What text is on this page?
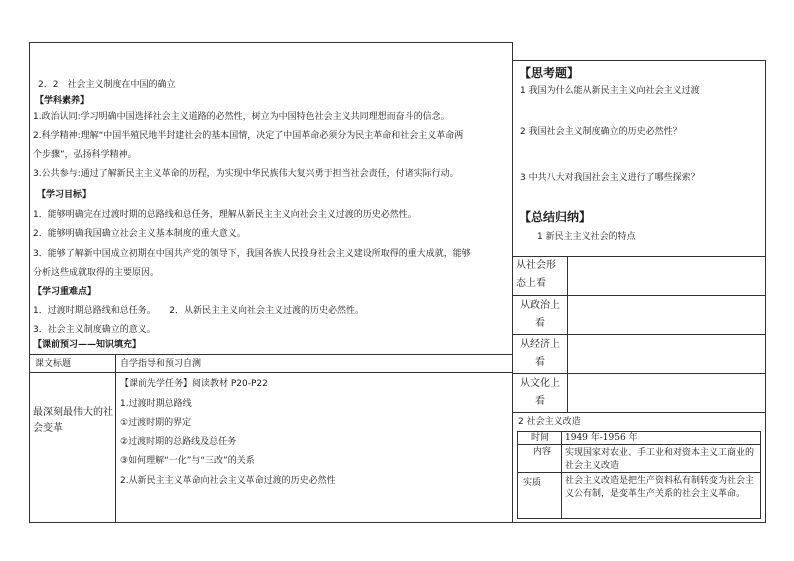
2．2　社会主义制度在中国的确立
【学科素养】
1.政治认同:学习明确中国选择社会主义道路的必然性，树立为中国特色社会主义共同理想而奋斗的信念。
2.科学精神:理解“中国半殖民地半封建社会的基本国情，决定了中国革命必须分为民主革命和社会主义革命两
个步骤”，弘扬科学精神。
3.公共参与:通过了解新民主主义革命的历程，为实现中华民族伟大复兴勇于担当社会责任，付诸实际行动。
【学习目标】
1．能够明确完在过渡时期的总路线和总任务，理解从新民主主义向社会主义过渡的历史必然性。
2．能够明确我国确立社会主义基本制度的重大意义。
3．能够了解新中国成立初期在中国共产党的领导下，我国各族人民投身社会主义建设所取得的重大成就，能够
分析这些成就取得的主要原因。
【学习重难点】
1．过渡时期总路线和总任务。　　2．从新民主主义向社会主义过渡的历史必然性。
3．社会主义制度确立的意义。
【课前预习——知识填充】
课文标题	自学指导和预习自测
最深刻最伟大的社会变革
【课前先学任务】阅读教材 P20-P22
1.过渡时期总路线
①过渡时期的界定
②过渡时期的总路线及总任务
③如何理解“一化”与“三改”的关系
2.从新民主主义革命向社会主义革命过渡的历史必然性
【思考题】
1 我国为什么能从新民主主义向社会主义过渡
2 我国社会主义制度确立的历史必然性？
3 中共八大对我国社会主义进行了哪些探索？
【总结归纳】
1 新民主主义社会的特点
从社会形
态上看
从政治上
看
从经济上
看
从文化上
看
2 社会主义改造
时间 1949 年-1956 年
内容 实现国家对农业、手工业和对资本主义工商业的社会主义改造
实质	社会主义改造是把生产资料私有制转变为社会主义公有制，是变革生产关系的社会主义革命。
